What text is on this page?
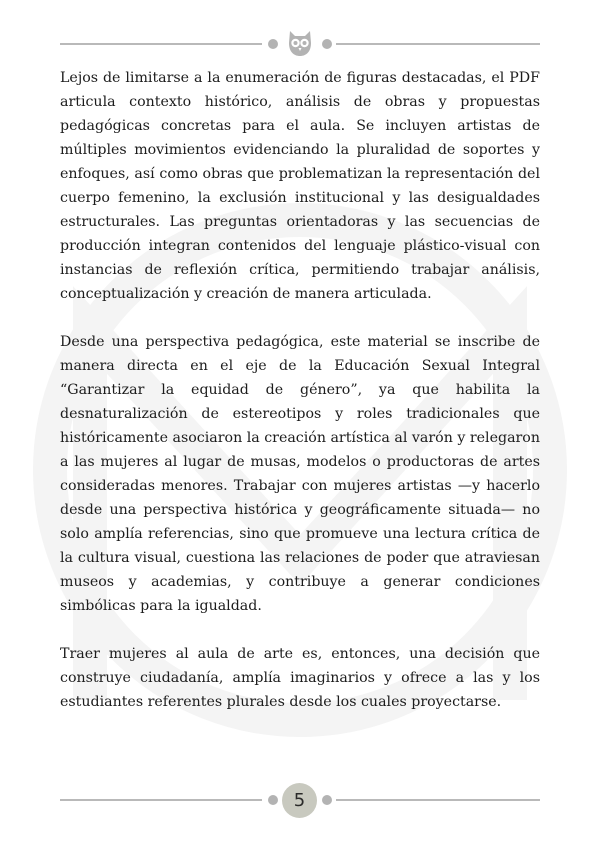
Lejos de limitarse a la enumeración de figuras destacadas, el PDF articula contexto histórico, análisis de obras y propuestas pedagógicas concretas para el aula. Se incluyen artistas de múltiples movimientos evidenciando la pluralidad de soportes y enfoques, así como obras que problematizan la representación del cuerpo femenino, la exclusión institucional y las desigualdades estructurales. Las preguntas orientadoras y las secuencias de producción integran contenidos del lenguaje plástico-visual con instancias de reflexión crítica, permitiendo trabajar análisis, conceptualización y creación de manera articulada.

Desde una perspectiva pedagógica, este material se inscribe de manera directa en el eje de la Educación Sexual Integral “Garantizar la equidad de género”, ya que habilita la desnaturalización de estereotipos y roles tradicionales que históricamente asociaron la creación artística al varón y relegaron a las mujeres al lugar de musas, modelos o productoras de artes consideradas menores. Trabajar con mujeres artistas —y hacerlo desde una perspectiva histórica y geográficamente situada— no solo amplía referencias, sino que promueve una lectura crítica de la cultura visual, cuestiona las relaciones de poder que atraviesan museos y academias, y contribuye a generar condiciones simbólicas para la igualdad.

Traer mujeres al aula de arte es, entonces, una decisión que construye ciudadanía, amplía imaginarios y ofrece a las y los estudiantes referentes plurales desde los cuales proyectarse.

5
